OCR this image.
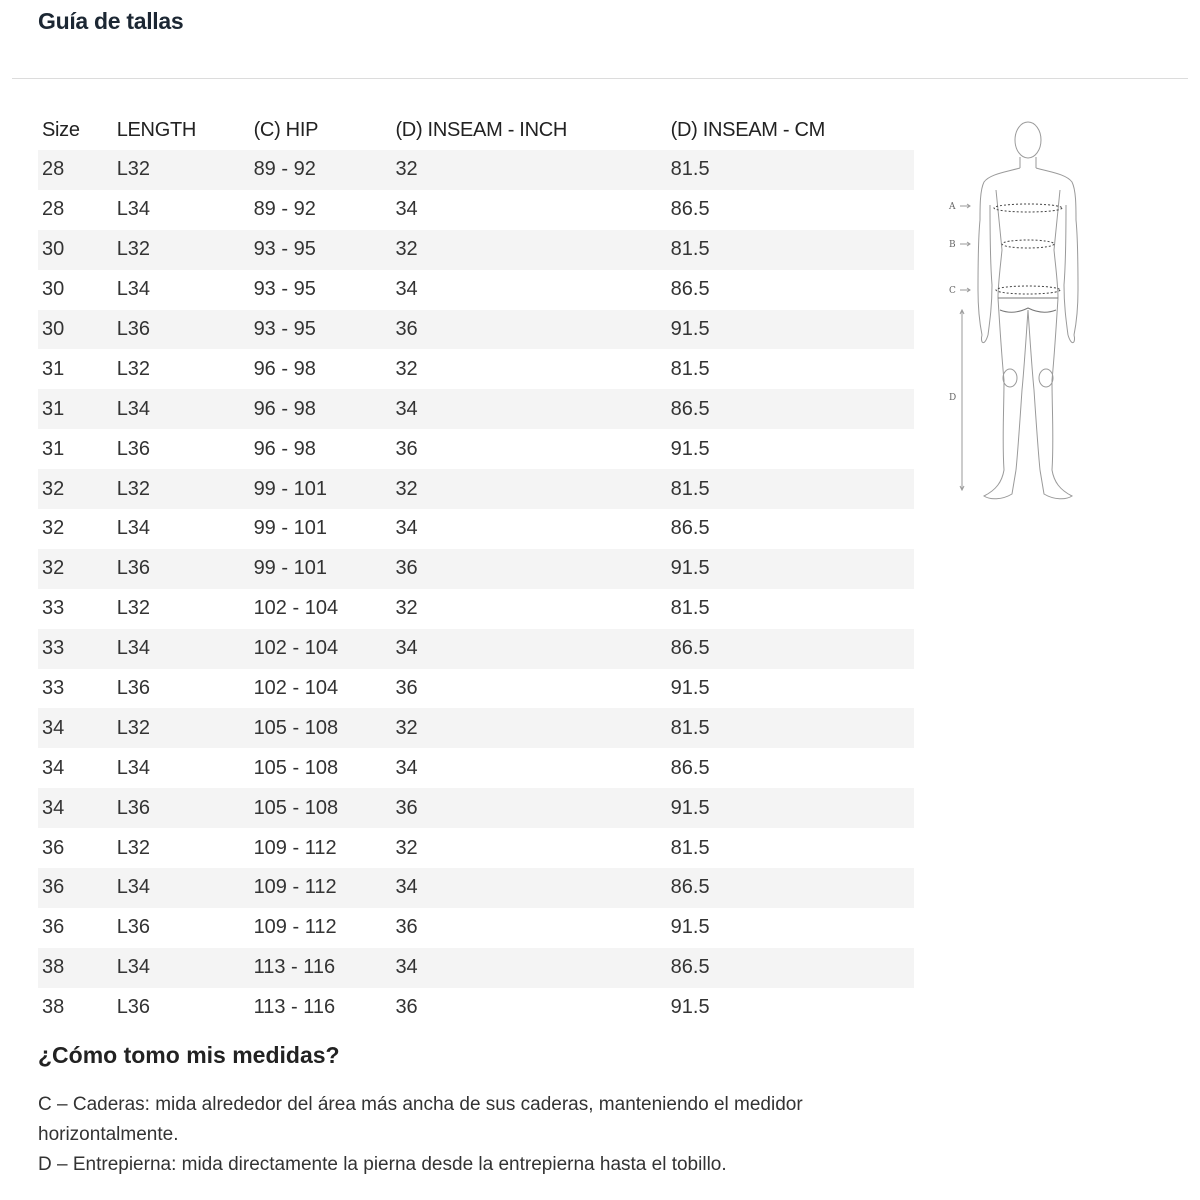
Guía de tallas
Size	LENGTH	(C) HIP	(D) INSEAM - INCH	(D) INSEAM - CM
28	L32	89 - 92	32	81.5
28	L34	89 - 92	34	86.5
30	L32	93 - 95	32	81.5
30	L34	93 - 95	34	86.5
30	L36	93 - 95	36	91.5
31	L32	96 - 98	32	81.5
31	L34	96 - 98	34	86.5
31	L36	96 - 98	36	91.5
32	L32	99 - 101	32	81.5
32	L34	99 - 101	34	86.5
32	L36	99 - 101	36	91.5
33	L32	102 - 104	32	81.5
33	L34	102 - 104	34	86.5
33	L36	102 - 104	36	91.5
34	L32	105 - 108	32	81.5
34	L34	105 - 108	34	86.5
34	L36	105 - 108	36	91.5
36	L32	109 - 112	32	81.5
36	L34	109 - 112	34	86.5
36	L36	109 - 112	36	91.5
38	L34	113 - 116	34	86.5
38	L36	113 - 116	36	91.5
A
B
C
D
¿Cómo tomo mis medidas?

C – Caderas: mida alrededor del área más ancha de sus caderas, manteniendo el medidor horizontalmente.

D – Entrepierna: mida directamente la pierna desde la entrepierna hasta el tobillo.
